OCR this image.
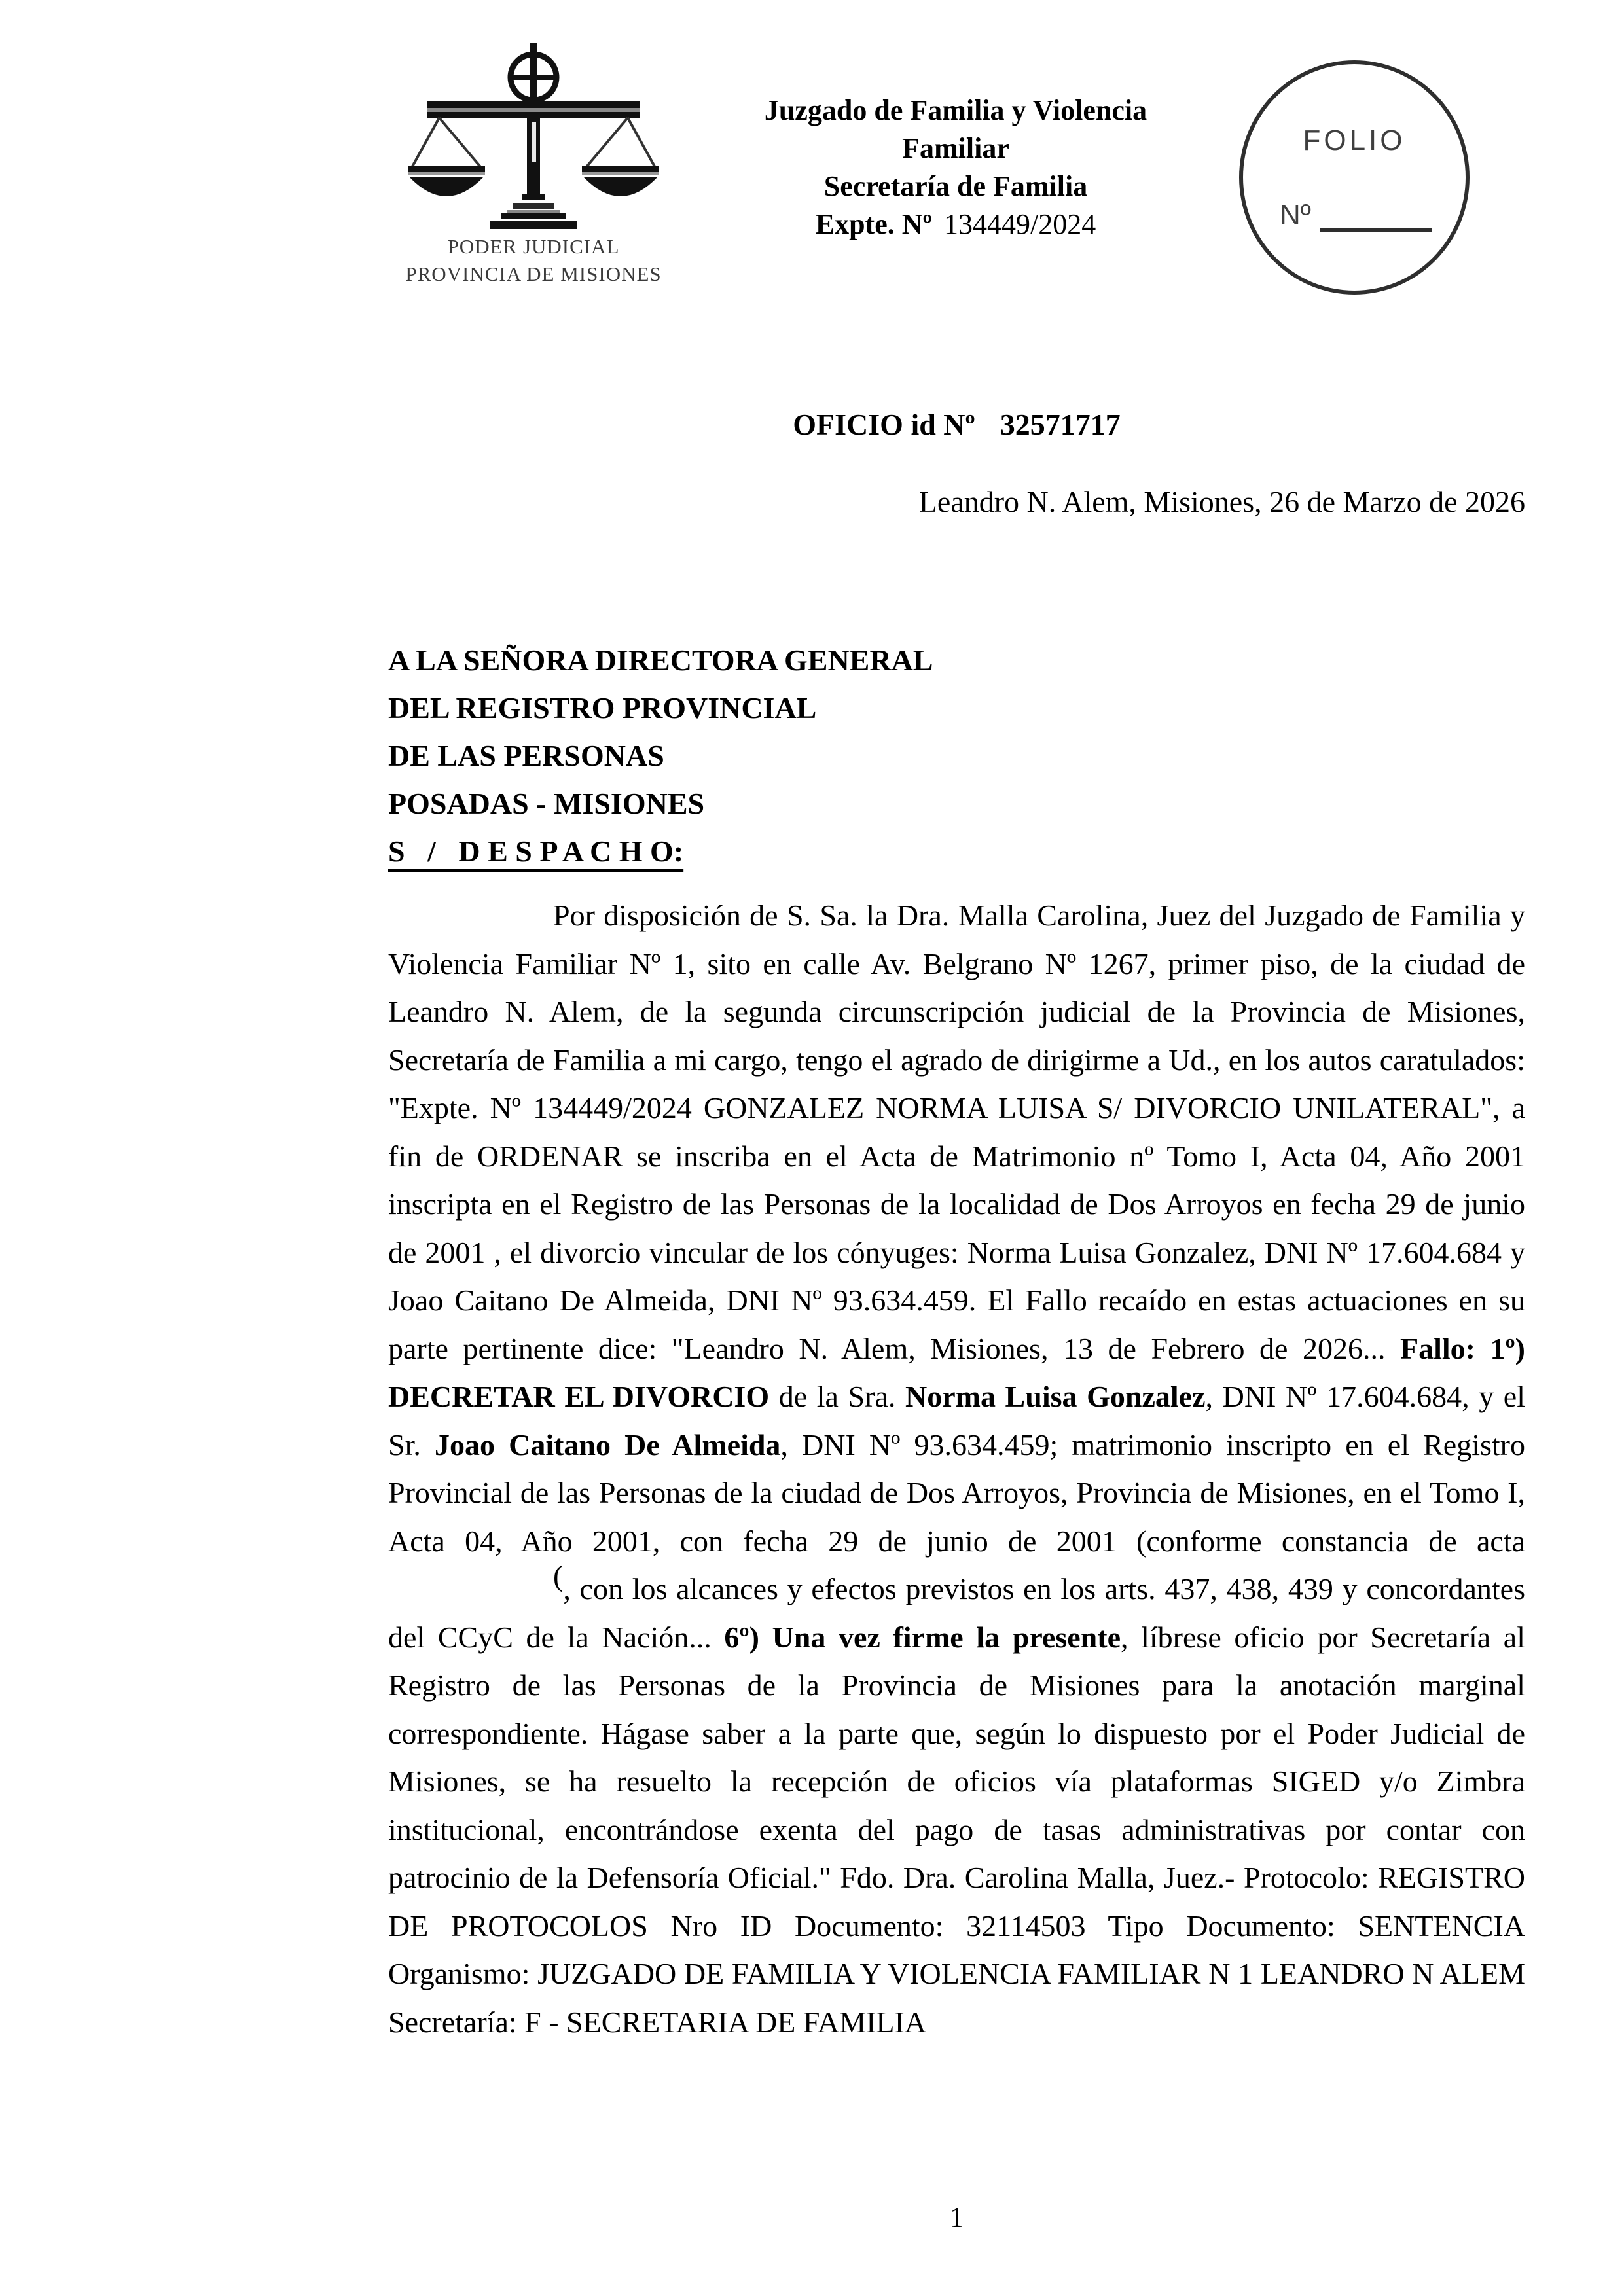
PODER JUDICIAL
PROVINCIA DE MISIONES
Juzgado de Familia y Violencia
Familiar
Secretaría de Familia
Expte. Nº 134449/2024
FOLIO
Nº
OFICIO id Nº 32571717
Leandro N. Alem, Misiones, 26 de Marzo de 2026
A LA SEÑORA DIRECTORA GENERAL
DEL REGISTRO PROVINCIAL
DE LAS PERSONAS
POSADAS - MISIONES
S   /   D E S P A C H O:

Por disposición de S. Sa. la Dra. Malla Carolina, Juez del Juzgado de Familia y Violencia Familiar Nº 1, sito en calle Av. Belgrano Nº 1267, primer piso, de la ciudad de Leandro N. Alem, de la segunda circunscripción judicial de la Provincia de Misiones, Secretaría de Familia a mi cargo, tengo el agrado de dirigirme a Ud., en los autos caratulados: "Expte. Nº 134449/2024 GONZALEZ NORMA LUISA S/ DIVORCIO UNILATERAL", a fin de ORDENAR se inscriba en el Acta de Matrimonio nº Tomo I, Acta 04, Año 2001 inscripta en el Registro de las Personas de la localidad de Dos Arroyos en fecha 29 de junio de 2001 , el divorcio vincular de los cónyuges: Norma Luisa Gonzalez, DNI Nº 17.604.684 y Joao Caitano De Almeida, DNI Nº 93.634.459. El Fallo recaído en estas actuaciones en su parte pertinente dice: "Leandro N. Alem, Misiones, 13 de Febrero de 2026... Fallo: 1º) DECRETAR EL DIVORCIO de la Sra. Norma Luisa Gonzalez, DNI Nº 17.604.684, y el Sr. Joao Caitano De Almeida, DNI Nº 93.634.459; matrimonio inscripto en el Registro Provincial de las Personas de la ciudad de Dos Arroyos, Provincia de Misiones, en el Tomo I, Acta 04, Año 2001, con fecha 29 de junio de 2001 (conforme constancia de acta (, con los alcances y efectos previstos en los arts. 437, 438, 439 y concordantes del CCyC de la Nación... 6º) Una vez firme la presente, líbrese oficio por Secretaría al Registro de las Personas de la Provincia de Misiones para la anotación marginal correspondiente. Hágase saber a la parte que, según lo dispuesto por el Poder Judicial de Misiones, se ha resuelto la recepción de oficios vía plataformas SIGED y/o Zimbra institucional, encontrándose exenta del pago de tasas administrativas por contar con patrocinio de la Defensoría Oficial." Fdo. Dra. Carolina Malla, Juez.- Protocolo: REGISTRO DE PROTOCOLOS Nro ID Documento: 32114503 Tipo Documento: SENTENCIA Organismo: JUZGADO DE FAMILIA Y VIOLENCIA FAMILIAR N 1 LEANDRO N ALEM Secretaría: F - SECRETARIA DE FAMILIA

1
